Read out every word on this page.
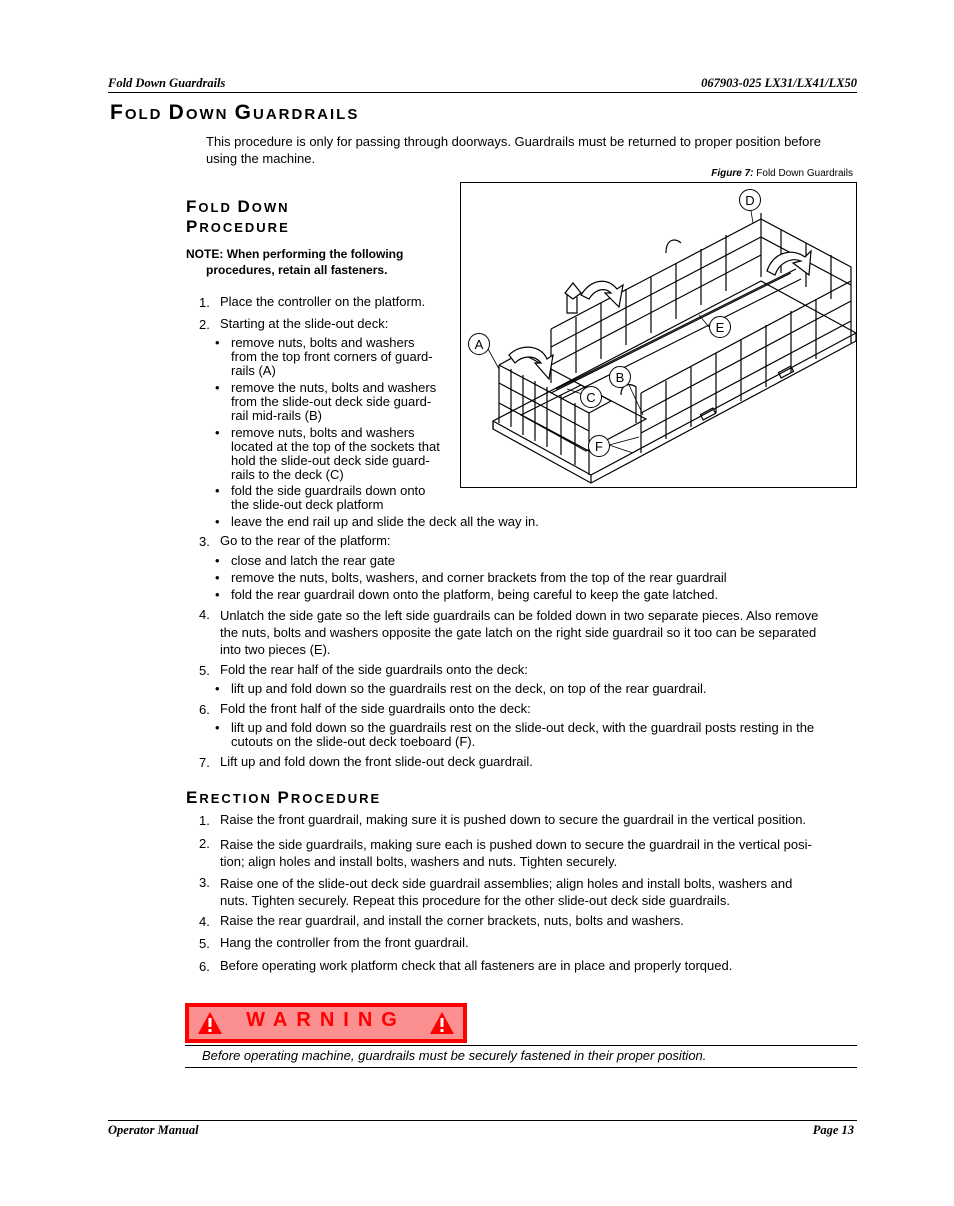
Fold Down Guardrails	067903-025 LX31/LX41/LX50
FOLD DOWN GUARDRAILS
This procedure is only for passing through doorways. Guardrails must be returned to proper position before using the machine.
Figure 7: Fold Down Guardrails
D
E
A
B
C
F
FOLD DOWN
PROCEDURE
NOTE: When performing the following
procedures, retain all fasteners.
1. Place the controller on the platform.
2. Starting at the slide-out deck:
• remove nuts, bolts and washers
from the top front corners of guard-
rails (A)
• remove the nuts, bolts and washers
from the slide-out deck side guard-
rail mid-rails (B)
• remove nuts, bolts and washers
located at the top of the sockets that
hold the slide-out deck side guard-
rails to the deck (C)
• fold the side guardrails down onto
the slide-out deck platform
• leave the end rail up and slide the deck all the way in.
3. Go to the rear of the platform:
• close and latch the rear gate
• remove the nuts, bolts, washers, and corner brackets from the top of the rear guardrail
• fold the rear guardrail down onto the platform, being careful to keep the gate latched.
4. Unlatch the side gate so the left side guardrails can be folded down in two separate pieces. Also remove
the nuts, bolts and washers opposite the gate latch on the right side guardrail so it too can be separated
into two pieces (E).
5. Fold the rear half of the side guardrails onto the deck:
• lift up and fold down so the guardrails rest on the deck, on top of the rear guardrail.
6. Fold the front half of the side guardrails onto the deck:
• lift up and fold down so the guardrails rest on the slide-out deck, with the guardrail posts resting in the
cutouts on the slide-out deck toeboard (F).
7. Lift up and fold down the front slide-out deck guardrail.
ERECTION PROCEDURE
1. Raise the front guardrail, making sure it is pushed down to secure the guardrail in the vertical position.
2. Raise the side guardrails, making sure each is pushed down to secure the guardrail in the vertical posi-
tion; align holes and install bolts, washers and nuts. Tighten securely.
3. Raise one of the slide-out deck side guardrail assemblies; align holes and install bolts, washers and
nuts. Tighten securely. Repeat this procedure for the other slide-out deck side guardrails.
4. Raise the rear guardrail, and install the corner brackets, nuts, bolts and washers.
5. Hang the controller from the front guardrail.
6. Before operating work platform check that all fasteners are in place and properly torqued.
WARNING
Before operating machine, guardrails must be securely fastened in their proper position.
Operator Manual	Page 13
